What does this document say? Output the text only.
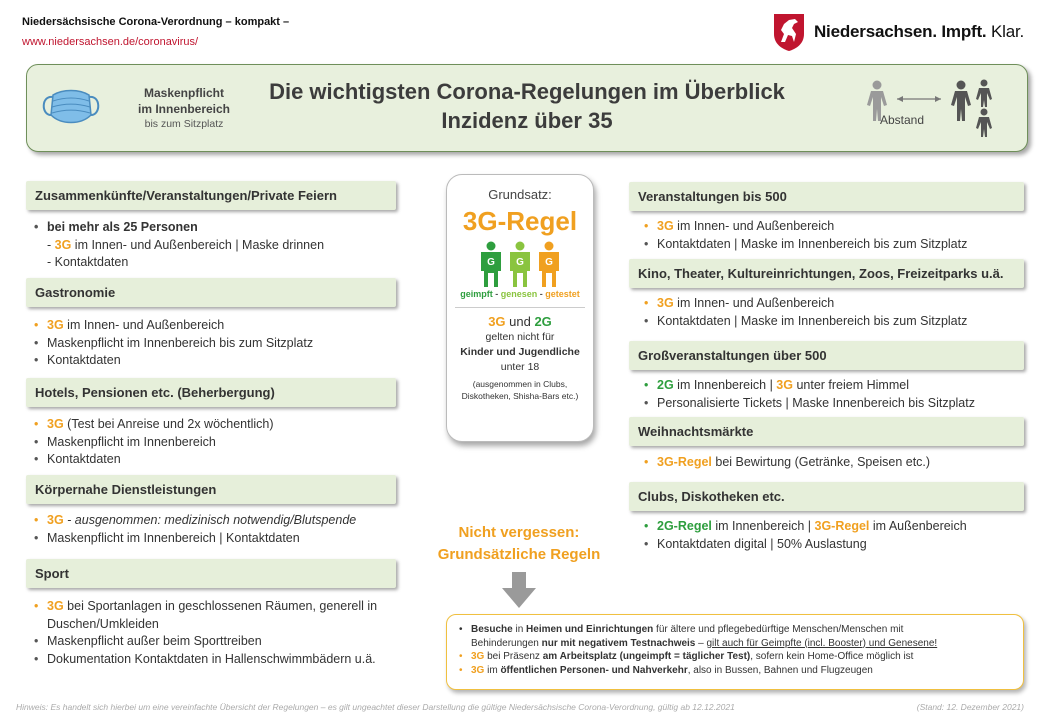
Niedersächsische Corona-Verordnung – kompakt –
www.niedersachsen.de/coronavirus/
Niedersachsen. Impft. Klar.
Maskenpflicht
im Innenbereich
bis zum Sitzplatz
Die wichtigsten Corona-Regelungen im Überblick
Inzidenz über 35	Abstand
Zusammenkünfte/Veranstaltungen/Private Feiern
• bei mehr als 25 Personen
- 3G im Innen- und Außenbereich | Maske drinnen
- Kontaktdaten
Gastronomie
• 3G im Innen- und Außenbereich
• Maskenpflicht im Innenbereich bis zum Sitzplatz
• Kontaktdaten
Hotels, Pensionen etc. (Beherbergung)
• 3G (Test bei Anreise und 2x wöchentlich)
• Maskenpflicht im Innenbereich
• Kontaktdaten
Körpernahe Dienstleistungen
• 3G - ausgenommen: medizinisch notwendig/Blutspende
• Maskenpflicht im Innenbereich | Kontaktdaten
Sport
• 3G bei Sportanlagen in geschlossenen Räumen, generell in
Duschen/Umkleiden
• Maskenpflicht außer beim Sporttreiben
• Dokumentation Kontaktdaten in Hallenschwimmbädern u.ä.
Grundsatz:
3G-Regel
G G G
geimpft - genesen - getestet
3G und 2G
gelten nicht für
Kinder und Jugendliche
unter 18
(ausgenommen in Clubs,
Diskotheken, Shisha-Bars etc.)
Nicht vergessen:
Grundsätzliche Regeln
Veranstaltungen bis 500
• 3G im Innen- und Außenbereich
• Kontaktdaten | Maske im Innenbereich bis zum Sitzplatz
Kino, Theater, Kultureinrichtungen, Zoos, Freizeitparks u.ä.
• 3G im Innen- und Außenbereich
• Kontaktdaten | Maske im Innenbereich bis zum Sitzplatz
Großveranstaltungen über 500
• 2G im Innenbereich | 3G unter freiem Himmel
• Personalisierte Tickets | Maske Innenbereich bis Sitzplatz
Weihnachtsmärkte
• 3G-Regel bei Bewirtung (Getränke, Speisen etc.)
Clubs, Diskotheken etc.
• 2G-Regel im Innenbereich | 3G-Regel im Außenbereich
• Kontaktdaten digital | 50% Auslastung
• Besuche in Heimen und Einrichtungen für ältere und pflegebedürftige Menschen/Menschen mit
Behinderungen nur mit negativem Testnachweis – gilt auch für Geimpfte (incl. Booster) und Genesene!
• 3G bei Präsenz am Arbeitsplatz (ungeimpft = täglicher Test), sofern kein Home-Office möglich ist
• 3G im öffentlichen Personen- und Nahverkehr, also in Bussen, Bahnen und Flugzeugen
Hinweis: Es handelt sich hierbei um eine vereinfachte Übersicht der Regelungen – es gilt ungeachtet dieser Darstellung die gültige Niedersächsische Corona-Verordnung, gültig ab 12.12.2021	(Stand: 12. Dezember 2021)
